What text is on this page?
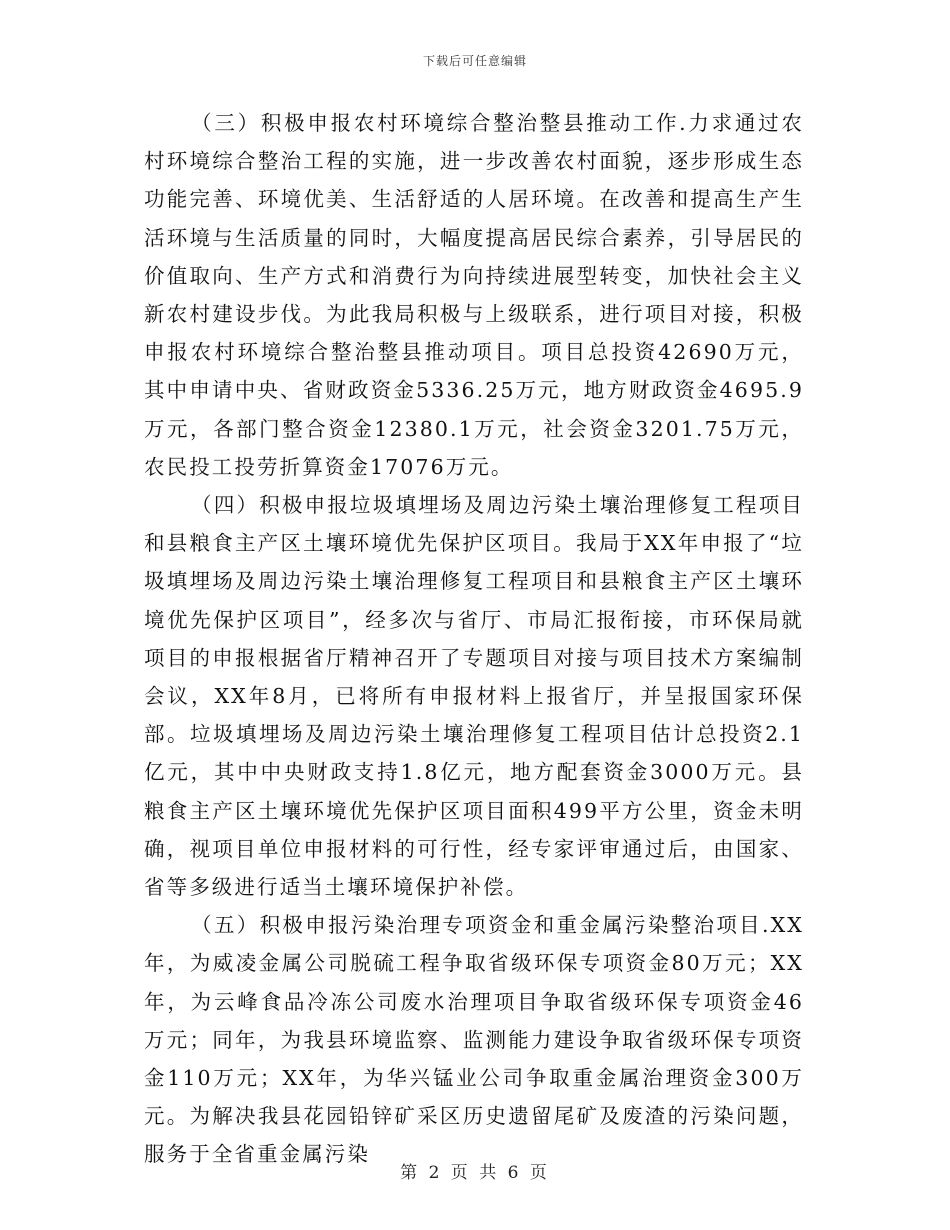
下载后可任意编辑

（三）积极申报农村环境综合整治整县推动工作.力求通过农村环境综合整治工程的实施，进一步改善农村面貌，逐步形成生态功能完善、环境优美、生活舒适的人居环境。在改善和提高生产生活环境与生活质量的同时，大幅度提高居民综合素养，引导居民的价值取向、生产方式和消费行为向持续进展型转变，加快社会主义新农村建设步伐。为此我局积极与上级联系，进行项目对接，积极申报农村环境综合整治整县推动项目。项目总投资42690万元，其中申请中央、省财政资金5336.25万元，地方财政资金4695.9万元，各部门整合资金12380.1万元，社会资金3201.75万元，农民投工投劳折算资金17076万元。

（四）积极申报垃圾填埋场及周边污染土壤治理修复工程项目和县粮食主产区土壤环境优先保护区项目。我局于XX年申报了“垃圾填埋场及周边污染土壤治理修复工程项目和县粮食主产区土壤环境优先保护区项目”，经多次与省厅、市局汇报衔接，市环保局就项目的申报根据省厅精神召开了专题项目对接与项目技术方案编制会议，XX年8月，已将所有申报材料上报省厅，并呈报国家环保部。垃圾填埋场及周边污染土壤治理修复工程项目估计总投资2.1亿元，其中中央财政支持1.8亿元，地方配套资金3000万元。县粮食主产区土壤环境优先保护区项目面积499平方公里，资金未明确，视项目单位申报材料的可行性，经专家评审通过后，由国家、省等多级进行适当土壤环境保护补偿。

（五）积极申报污染治理专项资金和重金属污染整治项目.XX年，为威凌金属公司脱硫工程争取省级环保专项资金80万元；XX年，为云峰食品冷冻公司废水治理项目争取省级环保专项资金46万元；同年，为我县环境监察、监测能力建设争取省级环保专项资金110万元；XX年，为华兴锰业公司争取重金属治理资金300万元。为解决我县花园铅锌矿采区历史遗留尾矿及废渣的污染问题，服务于全省重金属污染

第 2 页 共 6 页
